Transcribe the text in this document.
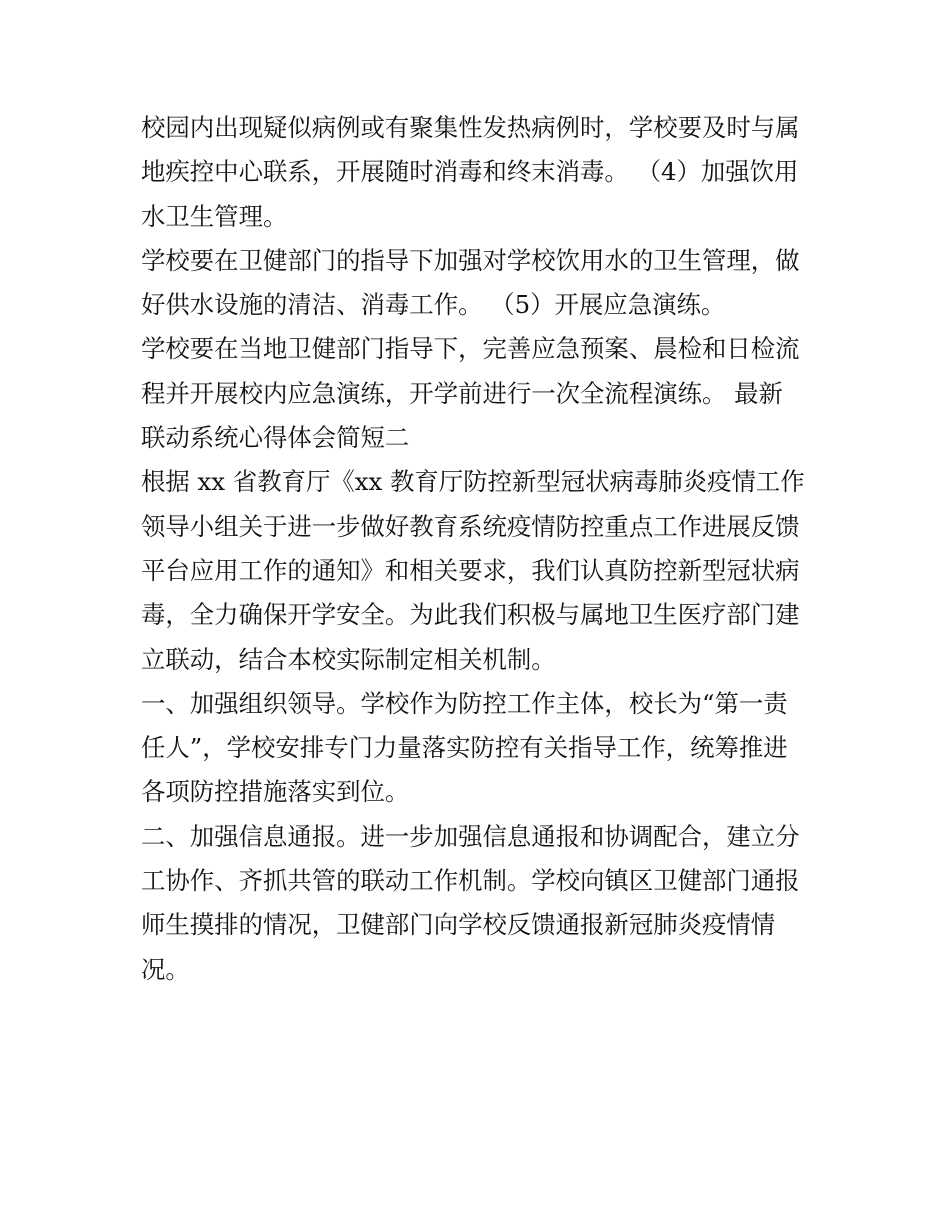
校园内出现疑似病例或有聚集性发热病例时，学校要及时与属
地疾控中心联系，开展随时消毒和终末消毒。 （4）加强饮用
水卫生管理。
学校要在卫健部门的指导下加强对学校饮用水的卫生管理，做
好供水设施的清洁、消毒工作。 （5）开展应急演练。
学校要在当地卫健部门指导下，完善应急预案、晨检和日检流
程并开展校内应急演练，开学前进行一次全流程演练。 最新
联动系统心得体会简短二
根据 xx 省教育厅《xx 教育厅防控新型冠状病毒肺炎疫情工作
领导小组关于进一步做好教育系统疫情防控重点工作进展反馈
平台应用工作的通知》和相关要求，我们认真防控新型冠状病
毒，全力确保开学安全。为此我们积极与属地卫生医疗部门建
立联动，结合本校实际制定相关机制。
一、加强组织领导。学校作为防控工作主体，校长为“第一责
任人”，学校安排专门力量落实防控有关指导工作，统筹推进
各项防控措施落实到位。
二、加强信息通报。进一步加强信息通报和协调配合，建立分
工协作、齐抓共管的联动工作机制。学校向镇区卫健部门通报
师生摸排的情况，卫健部门向学校反馈通报新冠肺炎疫情情
况。
